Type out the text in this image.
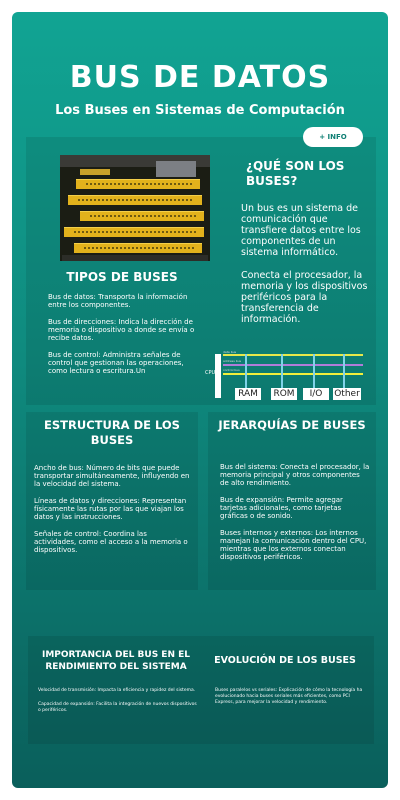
BUS DE DATOS
Los Buses en Sistemas de Computación
+ INFO
¿QUÉ SON LOS BUSES?
Un bus es un sistema de comunicación que transfiere datos entre los componentes de un sistema informático.
Conecta el procesador, la memoria y los dispositivos periféricos para la transferencia de información.
TIPOS DE BUSES

Bus de datos: Transporta la información entre los componentes.

Bus de direcciones: Indica la dirección de memoria o dispositivo a donde se envía o recibe datos.

Bus de control: Administra señales de control que gestionan las operaciones, como lectura o escritura.Un	CPU
data bus
address bus
control bus
RAM	ROM	I/O	Other
ESTRUCTURA DE LOS BUSES

Ancho de bus: Número de bits que puede transportar simultáneamente, influyendo en la velocidad del sistema.

Líneas de datos y direcciones: Representan físicamente las rutas por las que viajan los datos y las instrucciones.

Señales de control: Coordina las actividades, como el acceso a la memoria o dispositivos.

JERARQUÍAS DE BUSES

Bus del sistema: Conecta el procesador, la memoria principal y otros componentes de alto rendimiento.

Bus de expansión: Permite agregar tarjetas adicionales, como tarjetas gráficas o de sonido.

Buses internos y externos: Los internos manejan la comunicación dentro del CPU, mientras que los externos conectan dispositivos periféricos.

IMPORTANCIA DEL BUS EN EL RENDIMIENTO DEL SISTEMA
Velocidad de transmisión: Impacta la eficiencia y rapidez del sistema.
Capacidad de expansión: Facilita la integración de nuevos dispositivos o periféricos.
EVOLUCIÓN DE LOS BUSES
Buses paralelos vs seriales: Explicación de cómo la tecnología ha evolucionado hacia buses seriales más eficientes, como PCI Express, para mejorar la velocidad y rendimiento.
